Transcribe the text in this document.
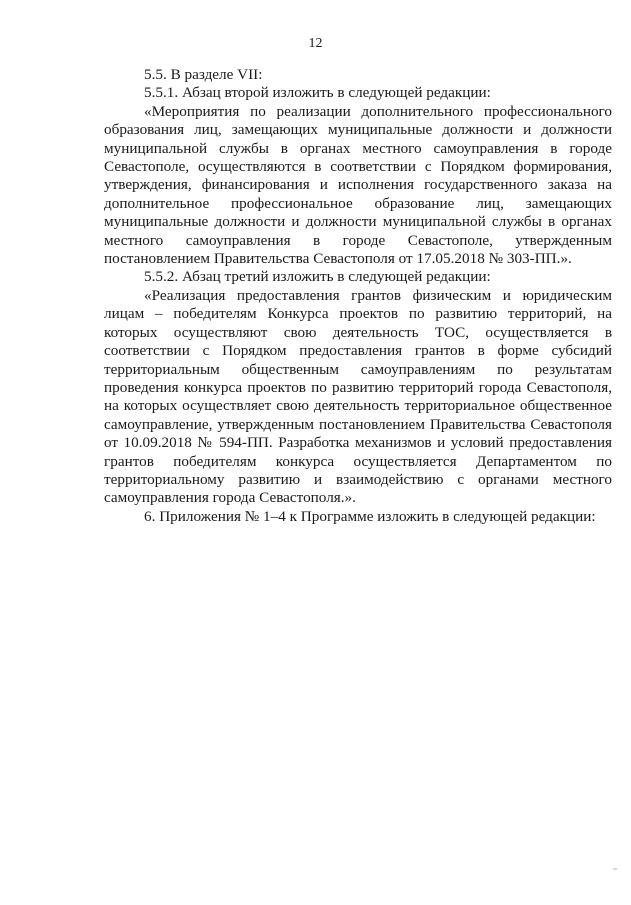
12

5.5. В разделе VII:

5.5.1. Абзац второй изложить в следующей редакции:

«Мероприятия по реализации дополнительного профессионального образования лиц, замещающих муниципальные должности и должности муниципальной службы в органах местного самоуправления в городе Севастополе, осуществляются в соответствии с Порядком формирования, утверждения, финансирования и исполнения государственного заказа на дополнительное профессиональное образование лиц, замещающих муниципальные должности и должности муниципальной службы в органах местного самоуправления в городе Севастополе, утвержденным постановлением Правительства Севастополя от 17.05.2018 № 303-ПП.».

5.5.2. Абзац третий изложить в следующей редакции:

«Реализация предоставления грантов физическим и юридическим лицам – победителям Конкурса проектов по развитию территорий, на которых осуществляют свою деятельность ТОС, осуществляется в соответствии с Порядком предоставления грантов в форме субсидий территориальным общественным самоуправлениям по результатам проведения конкурса проектов по развитию территорий города Севастополя, на которых осуществляет свою деятельность территориальное общественное самоуправление, утвержденным постановлением Правительства Севастополя от 10.09.2018 № 594-ПП. Разработка механизмов и условий предоставления грантов победителям конкурса осуществляется Департаментом по территориальному развитию и взаимодействию с органами местного самоуправления города Севастополя.».

6. Приложения № 1–4 к Программе изложить в следующей редакции:
